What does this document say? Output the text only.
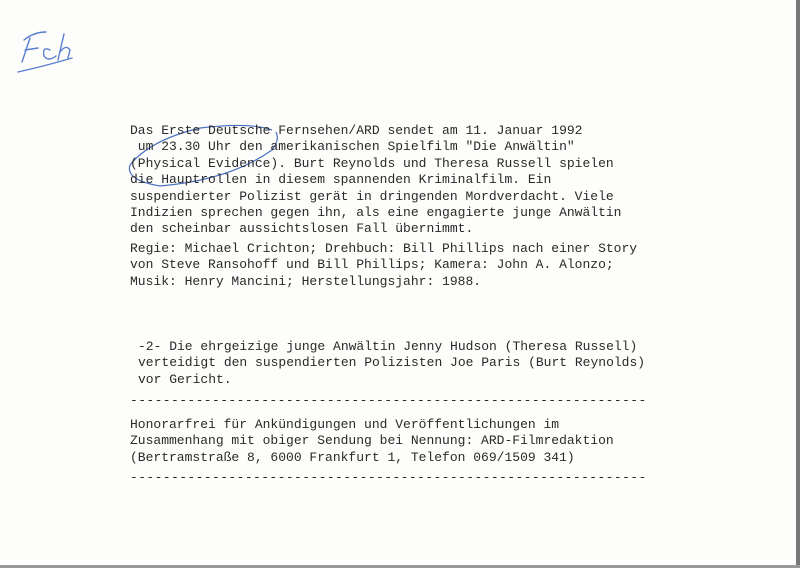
Das Erste Deutsche Fernsehen/ARD sendet am 11. Januar 1992
um 23.30 Uhr den amerikanischen Spielfilm "Die Anwältin"
(Physical Evidence). Burt Reynolds und Theresa Russell spielen
die Hauptrollen in diesem spannenden Kriminalfilm. Ein
suspendierter Polizist gerät in dringenden Mordverdacht. Viele
Indizien sprechen gegen ihn, als eine engagierte junge Anwältin
den scheinbar aussichtslosen Fall übernimmt.
Regie: Michael Crichton; Drehbuch: Bill Phillips nach einer Story
von Steve Ransohoff und Bill Phillips; Kamera: John A. Alonzo;
Musik: Henry Mancini; Herstellungsjahr: 1988.
-2- Die ehrgeizige junge Anwältin Jenny Hudson (Theresa Russell)
verteidigt den suspendierten Polizisten Joe Paris (Burt Reynolds)
vor Gericht.
---------------------------------------------------------------
Honorarfrei für Ankündigungen und Veröffentlichungen im
Zusammenhang mit obiger Sendung bei Nennung: ARD-Filmredaktion
(Bertramstraße 8, 6000 Frankfurt 1, Telefon 069/1509 341)
---------------------------------------------------------------
